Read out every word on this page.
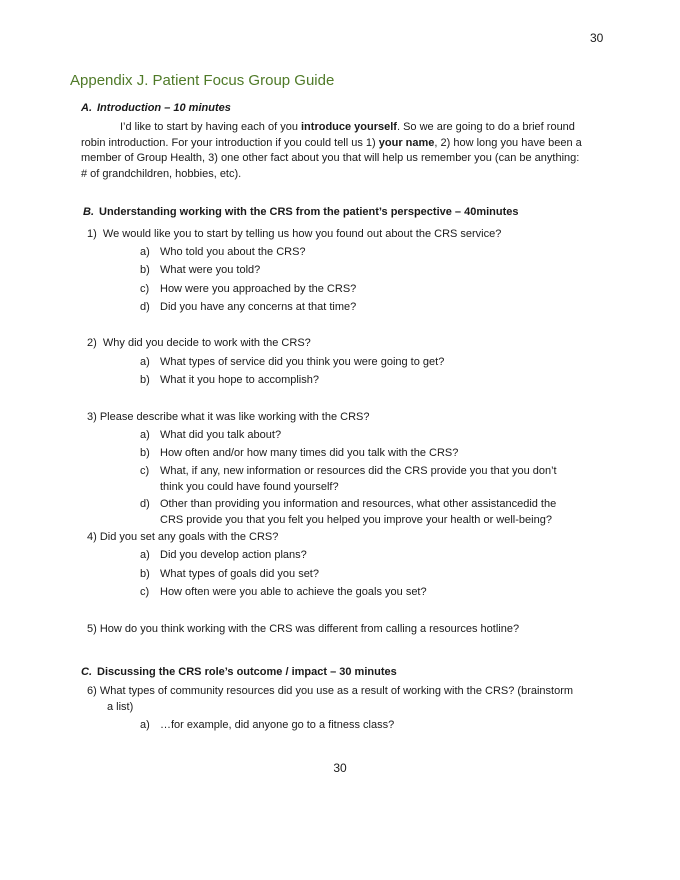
30
Appendix J. Patient Focus Group Guide
A. Introduction – 10 minutes
I’d like to start by having each of you introduce yourself. So we are going to do a brief round robin introduction. For your introduction if you could tell us 1) your name, 2) how long you have been a member of Group Health, 3) one other fact about you that will help us remember you (can be anything:
# of grandchildren, hobbies, etc).
B. Understanding working with the CRS from the patient’s perspective – 40minutes
1) We would like you to start by telling us how you found out about the CRS service?
a) Who told you about the CRS?
b) What were you told?
c) How were you approached by the CRS?
d) Did you have any concerns at that time?
2) Why did you decide to work with the CRS?
a) What types of service did you think you were going to get?
b) What it you hope to accomplish?
3) Please describe what it was like working with the CRS?
a) What did you talk about?
b) How often and/or how many times did you talk with the CRS?
c) What, if any, new information or resources did the CRS provide you that you don’t think you could have found yourself?
d) Other than providing you information and resources, what other assistancedid the CRS provide you that you felt you helped you improve your health or well-being?
4) Did you set any goals with the CRS?
a) Did you develop action plans?
b) What types of goals did you set?
c) How often were you able to achieve the goals you set?
5) How do you think working with the CRS was different from calling a resources hotline?
C. Discussing the CRS role’s outcome / impact – 30 minutes
6) What types of community resources did you use as a result of working with the CRS? (brainstorm
a list)
a) …for example, did anyone go to a fitness class?
30
